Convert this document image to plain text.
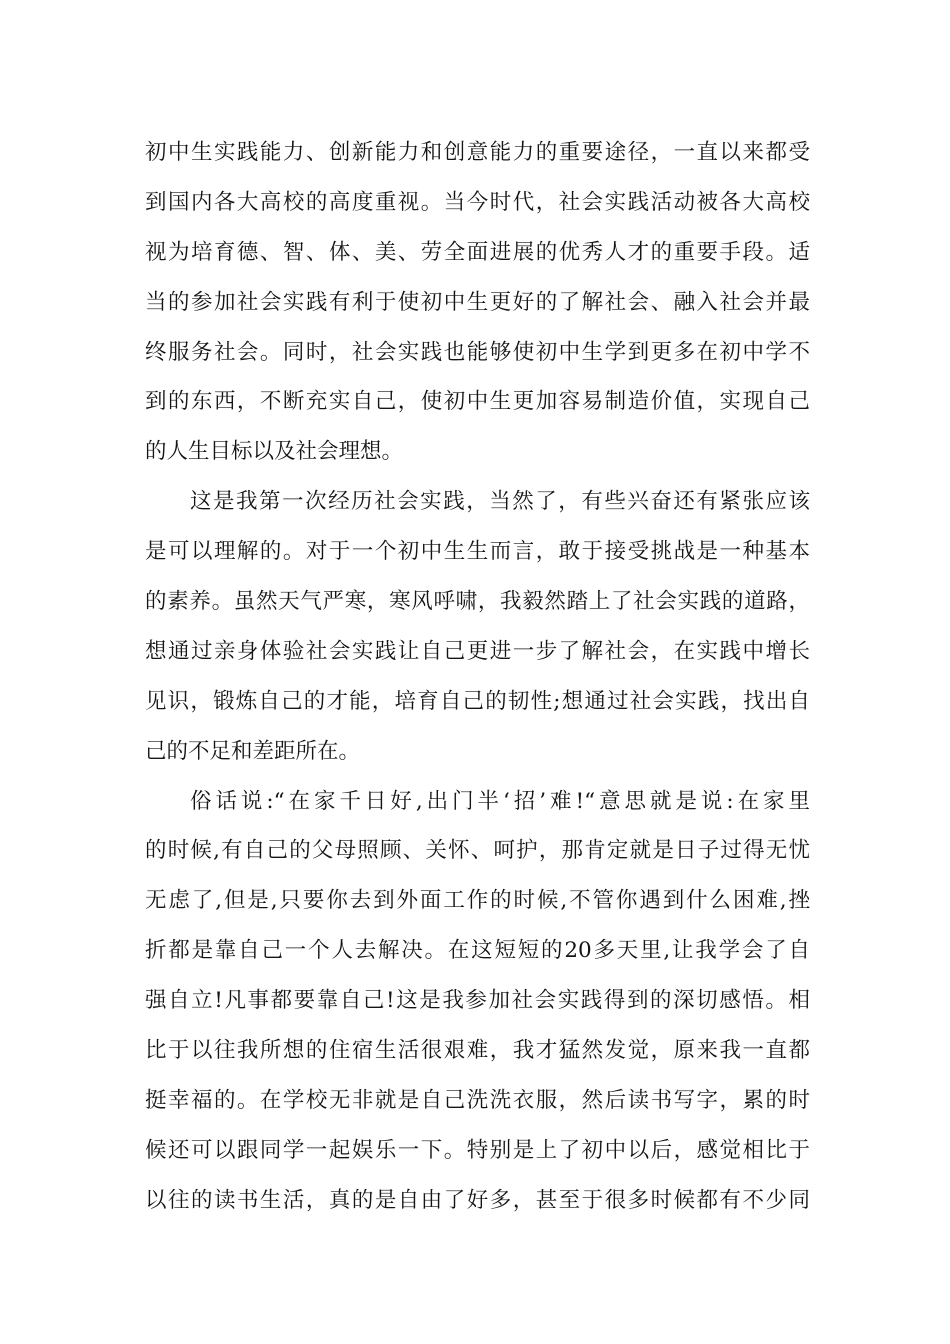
初中生实践能力、创新能力和创意能力的重要途径，一直以来都受
到国内各大高校的高度重视。当今时代，社会实践活动被各大高校
视为培育德、智、体、美、劳全面进展的优秀人才的重要手段。适
当的参加社会实践有利于使初中生更好的了解社会、融入社会并最
终服务社会。同时，社会实践也能够使初中生学到更多在初中学不
到的东西，不断充实自己，使初中生更加容易制造价值，实现自己
的人生目标以及社会理想。
这是我第一次经历社会实践，当然了，有些兴奋还有紧张应该
是可以理解的。对于一个初中生生而言，敢于接受挑战是一种基本
的素养。虽然天气严寒，寒风呼啸，我毅然踏上了社会实践的道路，
想通过亲身体验社会实践让自己更进一步了解社会，在实践中增长
见识，锻炼自己的才能，培育自己的韧性;想通过社会实践，找出自
己的不足和差距所在。
俗话说:“在家千日好,出门半‘招’难!“意思就是说:在家里
的时候,有自己的父母照顾、关怀、呵护，那肯定就是日子过得无忧
无虑了,但是,只要你去到外面工作的时候,不管你遇到什么困难,挫
折都是靠自己一个人去解决。在这短短的20多天里,让我学会了自
强自立!凡事都要靠自己!这是我参加社会实践得到的深切感悟。相
比于以往我所想的住宿生活很艰难，我才猛然发觉，原来我一直都
挺幸福的。在学校无非就是自己洗洗衣服，然后读书写字，累的时
候还可以跟同学一起娱乐一下。特别是上了初中以后，感觉相比于
以往的读书生活，真的是自由了好多，甚至于很多时候都有不少同
